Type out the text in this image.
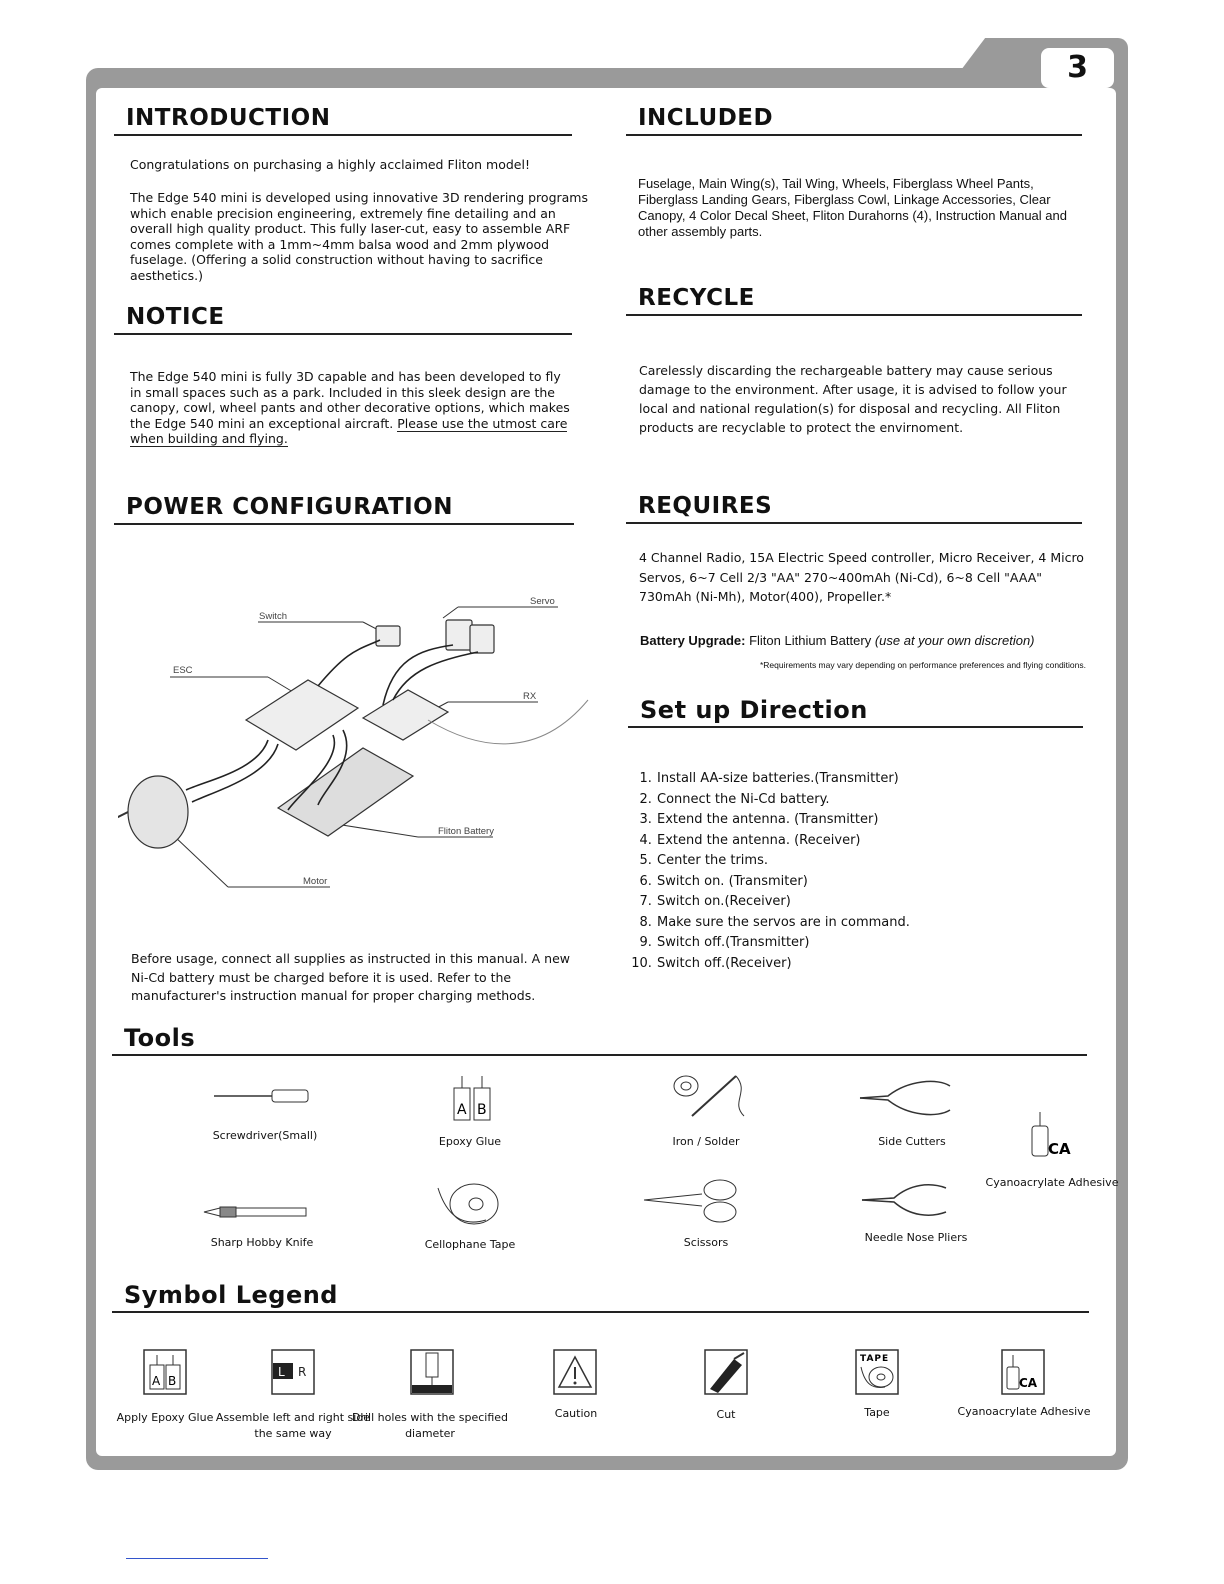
3
INTRODUCTION

Congratulations on purchasing a highly acclaimed Fliton model!

The Edge 540 mini is developed using innovative 3D rendering programs which enable precision engineering, extremely fine detailing and an overall high quality product. This fully laser-cut, easy to assemble ARF comes complete with a 1mm~4mm balsa wood and 2mm plywood fuselage. (Offering a solid construction without having to sacrifice aesthetics.)

NOTICE

The Edge 540 mini is fully 3D capable and has been developed to fly in small spaces such as a park. Included in this sleek design are the canopy, cowl, wheel pants and other decorative options, which makes the Edge 540 mini an exceptional aircraft. Please use the utmost care when building and flying.

POWER CONFIGURATION
Switch
Servo
ESC
RX
Fliton Battery
Motor

Before usage, connect all supplies as instructed in this manual. A new Ni-Cd battery must be charged before it is used. Refer to the manufacturer's instruction manual for proper charging methods.

INCLUDED

Fuselage, Main Wing(s), Tail Wing, Wheels, Fiberglass Wheel Pants, Fiberglass Landing Gears, Fiberglass Cowl, Linkage Accessories, Clear Canopy, 4 Color Decal Sheet, Fliton Durahorns (4), Instruction Manual and other assembly parts.

RECYCLE

Carelessly discarding the rechargeable battery may cause serious damage to the environment. After usage, it is advised to follow your local and national regulation(s) for disposal and recycling. All Fliton products are recyclable to protect the envirnoment.

REQUIRES

4 Channel Radio, 15A Electric Speed controller, Micro Receiver, 4 Micro Servos, 6~7 Cell 2/3 "AA" 270~400mAh (Ni-Cd), 6~8 Cell "AAA" 730mAh (Ni-Mh), Motor(400), Propeller.*

Battery Upgrade: Fliton Lithium Battery (use at your own discretion)
*Requirements may vary depending on performance preferences and flying conditions.
Set up Direction
1. Install AA-size batteries.(Transmitter)
2. Connect the Ni-Cd battery.
3. Extend the antenna. (Transmitter)
4. Extend the antenna. (Receiver)
5. Center the trims.
6. Switch on. (Transmiter)
7. Switch on.(Receiver)
8. Make sure the servos are in command.
9. Switch off.(Transmitter)
10. Switch off.(Receiver)
Tools
Screwdriver(Small)
A B
Epoxy Glue	Iron / Solder	Side Cutters	CA
Cyanoacrylate Adhesive
Sharp Hobby Knife	Cellophane Tape	Scissors	Needle Nose Pliers
Symbol Legend
A B
Apply Epoxy Glue
L R
Assemble left and right side the same way
Drill holes with the specified diameter
Caution	Cut
TAPE
Tape
CA
Cyanoacrylate Adhesive
